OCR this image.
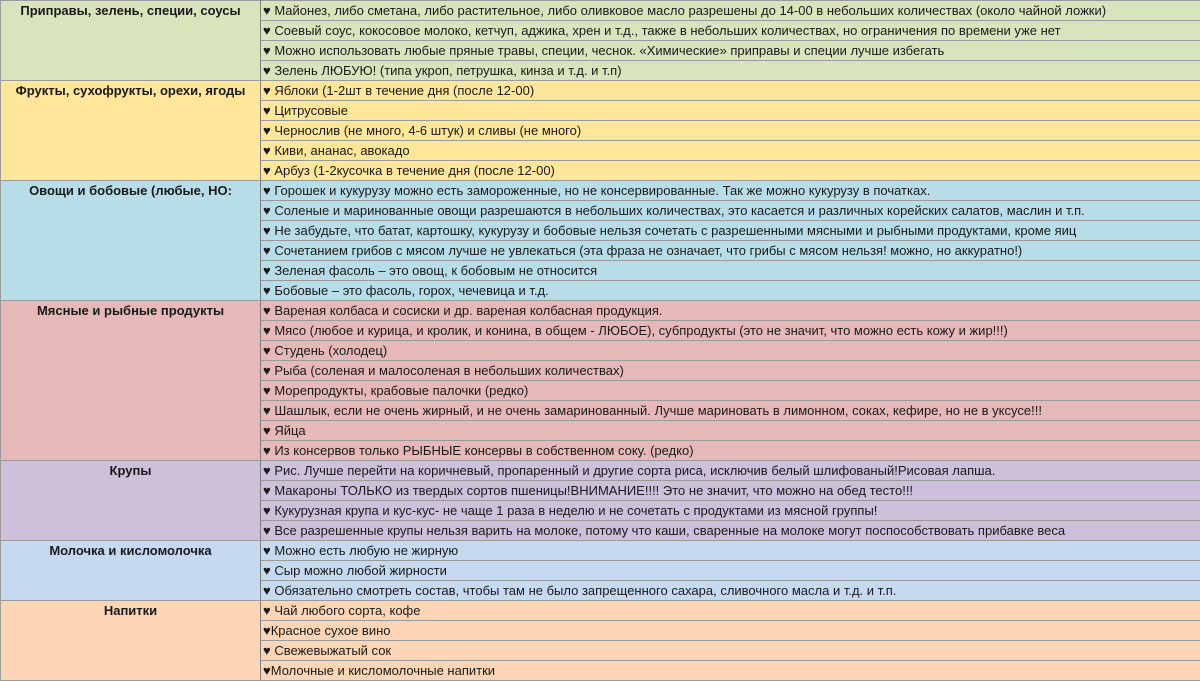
Приправы, зелень, специи, соусы	♥ Майонез, либо сметана, либо растительное, либо оливковое масло разрешены до 14-00 в небольших количествах (около чайной ложки)
	♥ Соевый соус, кокосовое молоко, кетчуп, аджика, хрен и т.д., также в небольших количествах, но ограничения по времени уже нет
	♥ Можно использовать любые пряные травы, специи, чеснок. «Химические» приправы и специи лучше избегать
	♥ Зелень ЛЮБУЮ! (типа укроп, петрушка, кинза и т.д. и т.п)
Фрукты, сухофрукты, орехи, ягоды	♥ Яблоки (1-2шт в течение дня (после 12-00)
	♥ Цитрусовые
	♥ Чернослив (не много, 4-6 штук) и сливы (не много)
	♥ Киви, ананас, авокадо
	♥ Арбуз (1-2кусочка в течение дня (после 12-00)
Овощи и бобовые (любые, НО:	♥ Горошек и кукурузу можно есть замороженные, но не консервированные. Так же можно кукурузу в початках.
	♥ Соленые и маринованные овощи разрешаются в небольших количествах, это касается и различных корейских салатов, маслин и т.п.
	♥ Не забудьте, что батат, картошку, кукурузу и бобовые нельзя сочетать с разрешенными мясными и рыбными продуктами, кроме яиц
	♥ Сочетанием грибов с мясом лучше не увлекаться (эта фраза не означает, что грибы с мясом нельзя! можно, но аккуратно!)
	♥ Зеленая фасоль – это овощ, к бобовым не относится
	♥ Бобовые – это фасоль, горох, чечевица и т.д.
Мясные и рыбные продукты	♥ Вареная колбаса и сосиски и др. вареная колбасная продукция.
	♥ Мясо (любое и курица, и кролик, и конина, в общем - ЛЮБОЕ), субпродукты (это не значит, что можно есть кожу и жир!!!)
	♥ Студень (холодец)
	♥ Рыба (соленая и малосоленая в небольших количествах)
	♥ Морепродукты, крабовые палочки (редко)
	♥ Шашлык, если не очень жирный, и не очень замаринованный. Лучше мариновать в лимонном, соках, кефире, но не в уксусе!!!
	♥ Яйца
	♥ Из консервов только РЫБНЫЕ консервы в собственном соку. (редко)
Крупы	♥ Рис. Лучше перейти на коричневый, пропаренный и другие сорта риса, исключив белый шлифованый!Рисовая лапша.
	♥ Макароны ТОЛЬКО из твердых сортов пшеницы!ВНИМАНИЕ!!!! Это не значит, что можно на обед тесто!!!
	♥ Кукурузная крупа и кус-кус- не чаще 1 раза в неделю и не сочетать с продуктами из мясной группы!
	♥ Все разрешенные крупы нельзя варить на молоке, потому что каши, сваренные на молоке могут поспособствовать прибавке веса
Молочка и кисломолочка	♥ Можно есть любую не жирную
	♥ Сыр можно любой жирности
	♥ Обязательно смотреть состав, чтобы там не было запрещенного сахара, сливочного масла и т.д. и т.п.
Напитки	♥ Чай любого сорта, кофе
	♥Красное сухое вино
	♥ Свежевыжатый сок
	♥Молочные и кисломолочные напитки
